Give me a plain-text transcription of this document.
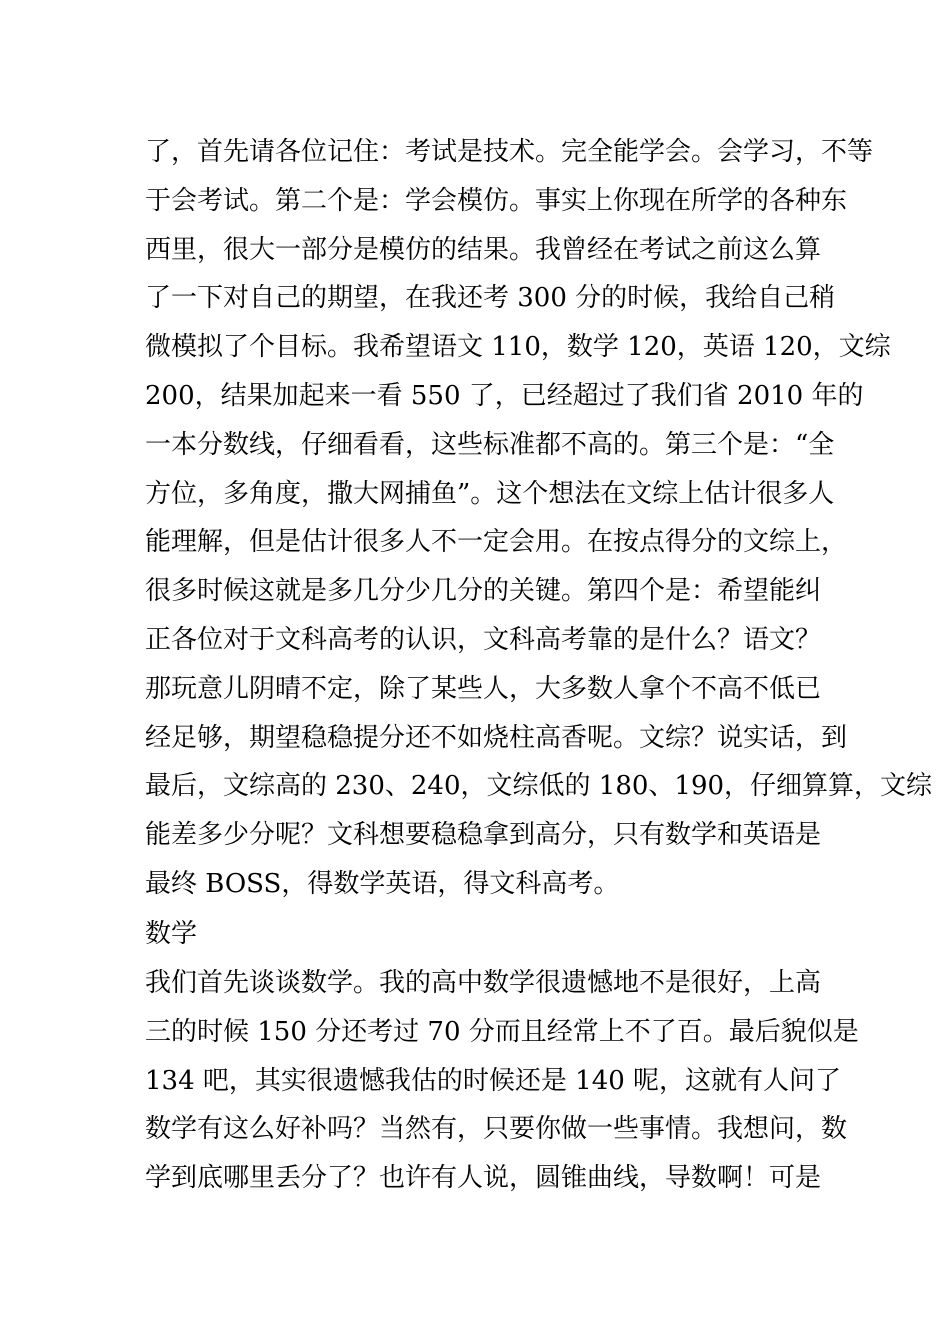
了，首先请各位记住：考试是技术。完全能学会。会学习，不等
于会考试。第二个是：学会模仿。事实上你现在所学的各种东
西里，很大一部分是模仿的结果。我曾经在考试之前这么算
了一下对自己的期望，在我还考 300 分的时候，我给自己稍
微模拟了个目标。我希望语文 110，数学 120，英语 120，文综
200，结果加起来一看 550 了，已经超过了我们省 2010 年的
一本分数线，仔细看看，这些标准都不高的。第三个是：“全
方位，多角度，撒大网捕鱼”。这个想法在文综上估计很多人
能理解，但是估计很多人不一定会用。在按点得分的文综上，
很多时候这就是多几分少几分的关键。第四个是：希望能纠
正各位对于文科高考的认识，文科高考靠的是什么？语文？
那玩意儿阴晴不定，除了某些人，大多数人拿个不高不低已
经足够，期望稳稳提分还不如烧柱高香呢。文综？说实话，到
最后，文综高的 230、240，文综低的 180、190，仔细算算，文综
能差多少分呢？文科想要稳稳拿到高分，只有数学和英语是
最终 BOSS，得数学英语，得文科高考。
数学
我们首先谈谈数学。我的高中数学很遗憾地不是很好，上高
三的时候 150 分还考过 70 分而且经常上不了百。最后貌似是
134 吧，其实很遗憾我估的时候还是 140 呢，这就有人问了
数学有这么好补吗？当然有，只要你做一些事情。我想问，数
学到底哪里丢分了？也许有人说，圆锥曲线，导数啊！可是
